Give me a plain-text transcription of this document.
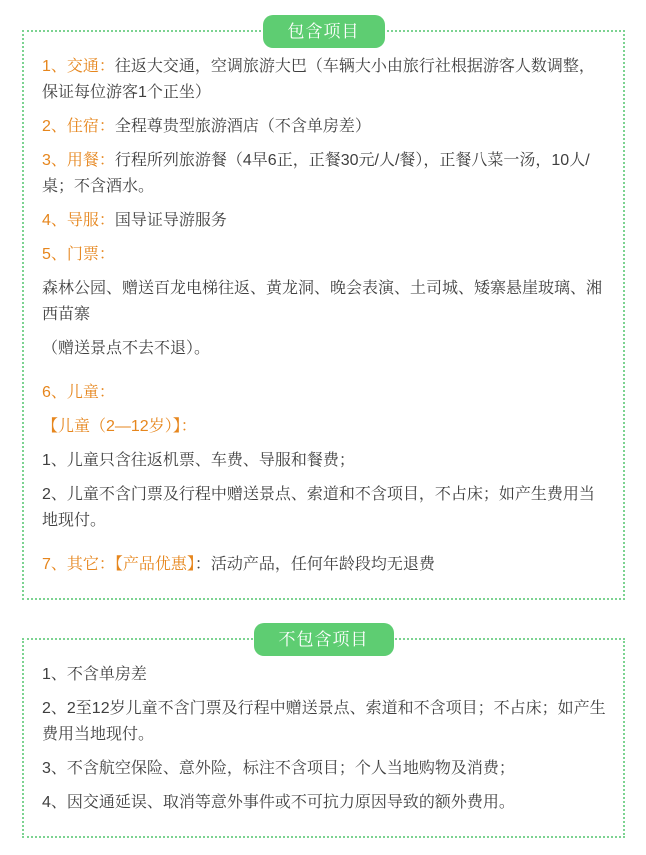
包含项目

1、交通：往返大交通，空调旅游大巴（车辆大小由旅行社根据游客人数调整，保证每位游客1个正坐）

2、住宿：全程尊贵型旅游酒店（不含单房差）

3、用餐：行程所列旅游餐（4早6正，正餐30元/人/餐），正餐八菜一汤，10人/桌；不含酒水。

4、导服：国导证导游服务

5、门票：

森林公园、赠送百龙电梯往返、黄龙洞、晚会表演、土司城、矮寨悬崖玻璃、湘西苗寨

（赠送景点不去不退）。

6、儿童：

【儿童（2—12岁）】：

1、儿童只含往返机票、车费、导服和餐费；

2、儿童不含门票及行程中赠送景点、索道和不含项目，不占床；如产生费用当地现付。

7、其它：【产品优惠】：活动产品，任何年龄段均无退费

不包含项目

1、不含单房差

2、2至12岁儿童不含门票及行程中赠送景点、索道和不含项目；不占床；如产生费用当地现付。

3、不含航空保险、意外险，标注不含项目；个人当地购物及消费；

4、因交通延误、取消等意外事件或不可抗力原因导致的额外费用。
